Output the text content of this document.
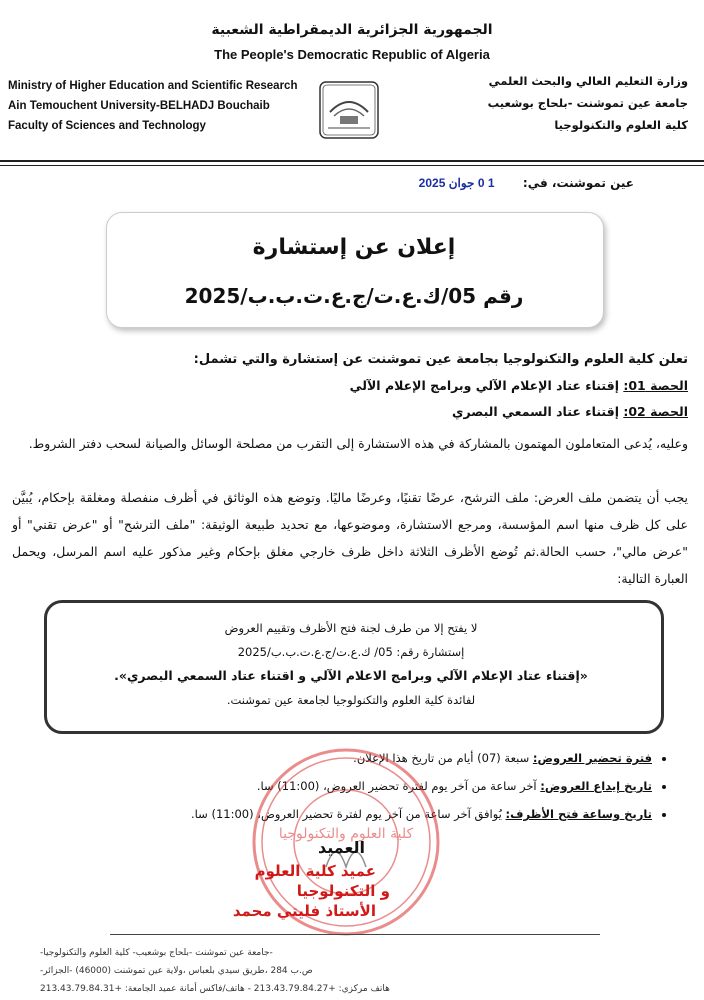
الجمهورية الجزائرية الديمقراطية الشعبية
The People's Democratic Republic of Algeria
Ministry of Higher Education and Scientific Research
Ain Temouchent University-BELHADJ Bouchaib
Faculty of Sciences and Technology
وزارة التعليم العالي والبحث العلمي
جامعة عين تموشنت -بلحاج بوشعيب
كلية العلوم والتكنولوجيا
عين تموشنت، في:  1 0 جوان 2025
إعلان عن إستشارة
رقم 05/ك.ع.ت/ج.ع.ت.ب.ب/2025
تعلن كلية العلوم والتكنولوجيا بجامعة عين تموشنت عن إستشارة والتي تشمل:
الحصة 01: إقتناء عتاد الإعلام الآلي وبرامج الإعلام الآلي
الحصة 02: إقتناء عتاد السمعي البصري
وعليه، يُدعى المتعاملون المهتمون بالمشاركة في هذه الاستشارة إلى التقرب من مصلحة الوسائل والصيانة لسحب دفتر الشروط.
يجب أن يتضمن ملف العرض: ملف الترشح، عرضًا تقنيًا، وعرضًا ماليًا. وتوضع هذه الوثائق في أظرف منفصلة ومغلقة بإحكام، يُبيَّن على كل ظرف منها اسم المؤسسة، ومرجع الاستشارة، وموضوعها، مع تحديد طبيعة الوثيقة: "ملف الترشح" أو "عرض تقني" أو "عرض مالي"، حسب الحالة.ثم تُوضع الأظرف الثلاثة داخل ظرف خارجي مغلق بإحكام وغير مذكور عليه اسم المرسل، ويحمل العبارة التالية:
لا يفتح إلا من طرف لجنة فتح الأظرف وتقييم العروض
إستشارة رقم: 05/ ك.ع.ت/ج.ع.ت.ب.ب/2025
«إقتناء عتاد الإعلام الآلي وبرامج الاعلام الآلي و اقتناء عتاد السمعي البصري».
لفائدة كلية العلوم والتكنولوجيا لجامعة عين تموشنت.
• فترة تحضير العروض: سبعة (07) أيام من تاريخ هذا الإعلان.
• تاريخ إيداع العروض: آخر ساعة من آخر يوم لفترة تحضير العروض، (11:00) سا.
• تاريخ وساعة فتح الأظرف: يُوافق آخر ساعة من آخر يوم لفترة تحضير العروض، (11:00) سا.
كلية العلوم والتكنولوجيا
العميد
عميد كلية العلوم
و التكنولوجيا
الأستاذ فليتي محمد
-جامعة عين تموشنت -بلحاج بوشعيب- كلية العلوم والتكنولوجيا-
ص.ب 284 ،طريق سيدي بلعباس ،ولاية عين تموشنت (46000) -الجزائر-
هاتف مركزي: +213.43.79.84.27 - هاتف/فاكس أمانة عميد الجامعة: +213.43.79.84.31
